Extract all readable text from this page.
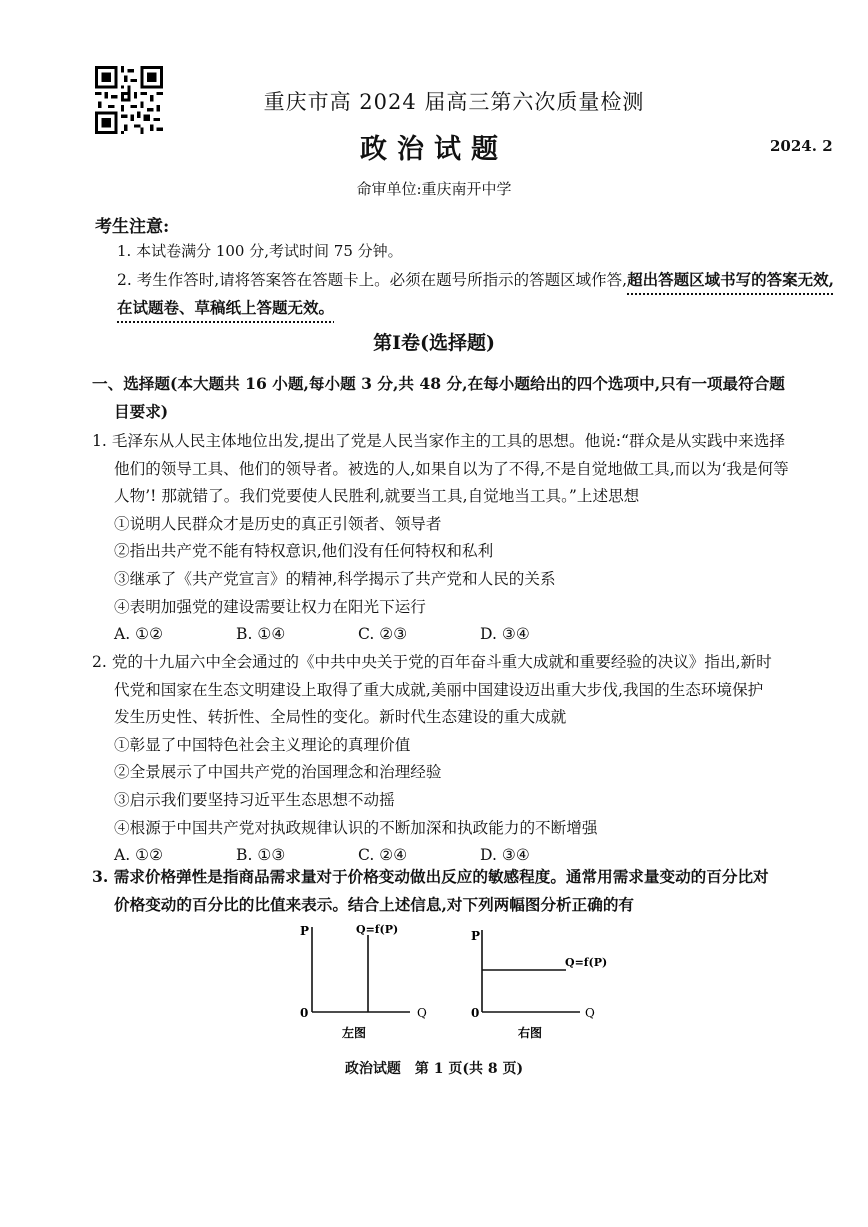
重庆市高 2024 届高三第六次质量检测
政治试题	2024. 2
命审单位:重庆南开中学
考生注意:
1. 本试卷满分 100 分,考试时间 75 分钟。
2. 考生作答时,请将答案答在答题卡上。必须在题号所指示的答题区域作答,超出答题区域书写的答案无效,在试题卷、草稿纸上答题无效。
第Ⅰ卷(选择题)
一、选择题(本大题共 16 小题,每小题 3 分,共 48 分,在每小题给出的四个选项中,只有一项最符合题
目要求)
1. 毛泽东从人民主体地位出发,提出了党是人民当家作主的工具的思想。他说:“群众是从实践中来选择
他们的领导工具、他们的领导者。被选的人,如果自以为了不得,不是自觉地做工具,而以为‘我是何等
人物’! 那就错了。我们党要使人民胜利,就要当工具,自觉地当工具。”上述思想
①说明人民群众才是历史的真正引领者、领导者
②指出共产党不能有特权意识,他们没有任何特权和私利
③继承了《共产党宣言》的精神,科学揭示了共产党和人民的关系
④表明加强党的建设需要让权力在阳光下运行
A. ①②	B. ①④	C. ②③	D. ③④
2. 党的十九届六中全会通过的《中共中央关于党的百年奋斗重大成就和重要经验的决议》指出,新时
代党和国家在生态文明建设上取得了重大成就,美丽中国建设迈出重大步伐,我国的生态环境保护
发生历史性、转折性、全局性的变化。新时代生态建设的重大成就
①彰显了中国特色社会主义理论的真理价值
②全景展示了中国共产党的治国理念和治理经验
③启示我们要坚持习近平生态思想不动摇
④根源于中国共产党对执政规律认识的不断加深和执政能力的不断增强
A. ①②	B. ①③	C. ②④	D. ③④
3. 需求价格弹性是指商品需求量对于价格变动做出反应的敏感程度。通常用需求量变动的百分比对
价格变动的百分比的比值来表示。结合上述信息,对下列两幅图分析正确的有
P	Q=f(P)
0	Q
左图
P
Q=f(P)
0	Q
右图
政治试题　第 1 页(共 8 页)
